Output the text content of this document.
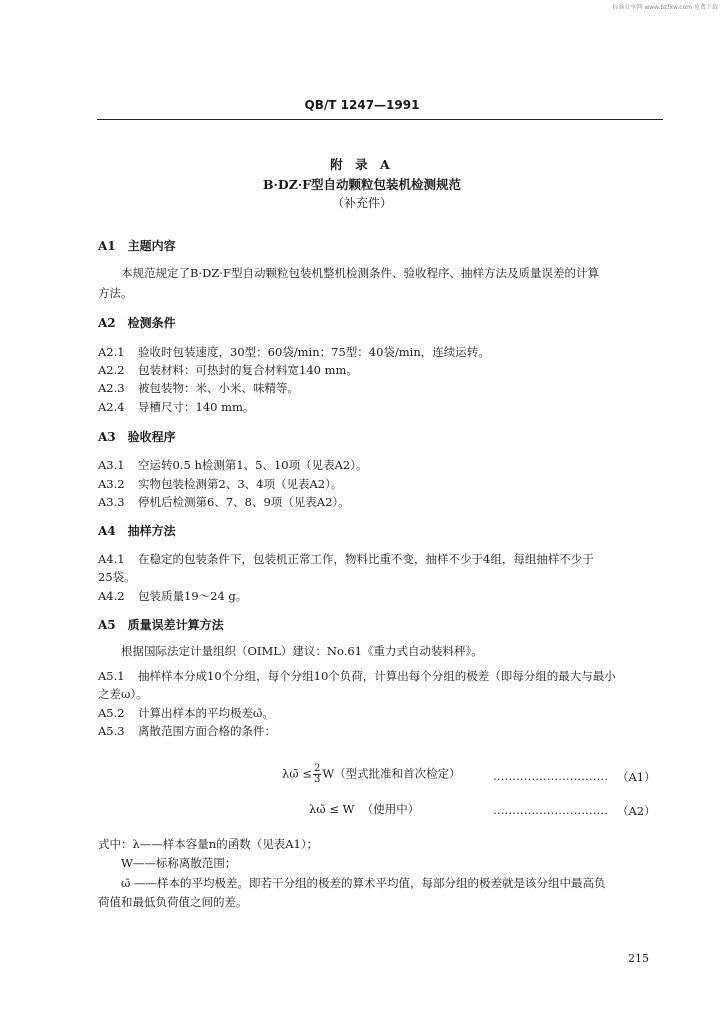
标准分享网 www.bzfxw.com 免费下载
QB/T 1247—1991
附 录 A
B·DZ·F型自动颗粒包装机检测规范
（补充件）
A1　主题内容
本规范规定了B·DZ·F型自动颗粒包装机整机检测条件、验收程序、抽样方法及质量误差的计算
方法。
A2　检测条件
A2.1 验收时包装速度，30型：60袋/min；75型：40袋/min，连续运转。
A2.2 包装材料：可热封的复合材料宽140 mm。
A2.3 被包装物：米、小米、味精等。
A2.4 导槽尺寸：140 mm。
A3　验收程序
A3.1 空运转0.5 h检测第1、5、10项（见表A2）。
A3.2 实物包装检测第2、3、4项（见表A2）。
A3.3 停机后检测第6、7、8、9项（见表A2）。
A4　抽样方法
A4.1 在稳定的包装条件下，包装机正常工作，物料比重不变，抽样不少于4组，每组抽样不少于
25袋。
A4.2 包装质量19～24 g。
A5　质量误差计算方法
根据国际法定计量组织（OIML）建议：No.61《重力式自动装料秤》。
A5.1 抽样样本分成10个分组，每个分组10个负荷，计算出每个分组的极差（即每分组的最大与最小
之差ω）。
A5.2 计算出样本的平均极差ω̄。
A5.3 离散范围方面合格的条件：
λω̄ ≤ $\frac{2}{3} W$（型式批准和首次检定）	………………………… （A1）
λω̄ ≤ W （使用中）	………………………… （A2）
式中：λ——样本容量n的函数（见表A1）；
W——标称离散范围；
ω̄ ——样本的平均极差。即若干分组的极差的算术平均值，每部分组的极差就是该分组中最高负
荷值和最低负荷值之间的差。
215
